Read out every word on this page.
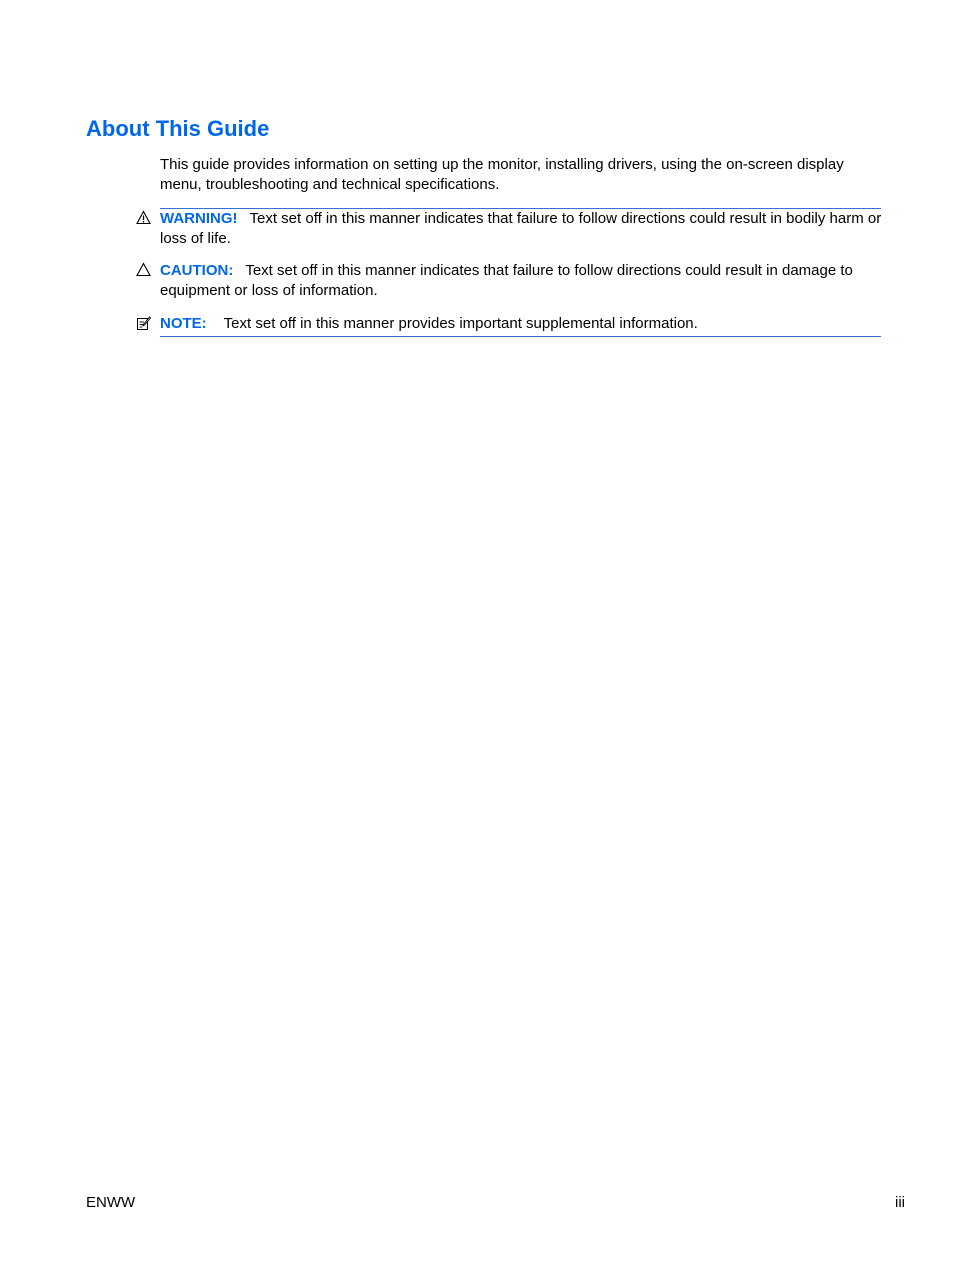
About This Guide

This guide provides information on setting up the monitor, installing drivers, using the on-screen display menu, troubleshooting and technical specifications.

WARNING! Text set off in this manner indicates that failure to follow directions could result in bodily harm or loss of life.
CAUTION: Text set off in this manner indicates that failure to follow directions could result in damage to equipment or loss of information.
NOTE: Text set off in this manner provides important supplemental information.
ENWW	iii
